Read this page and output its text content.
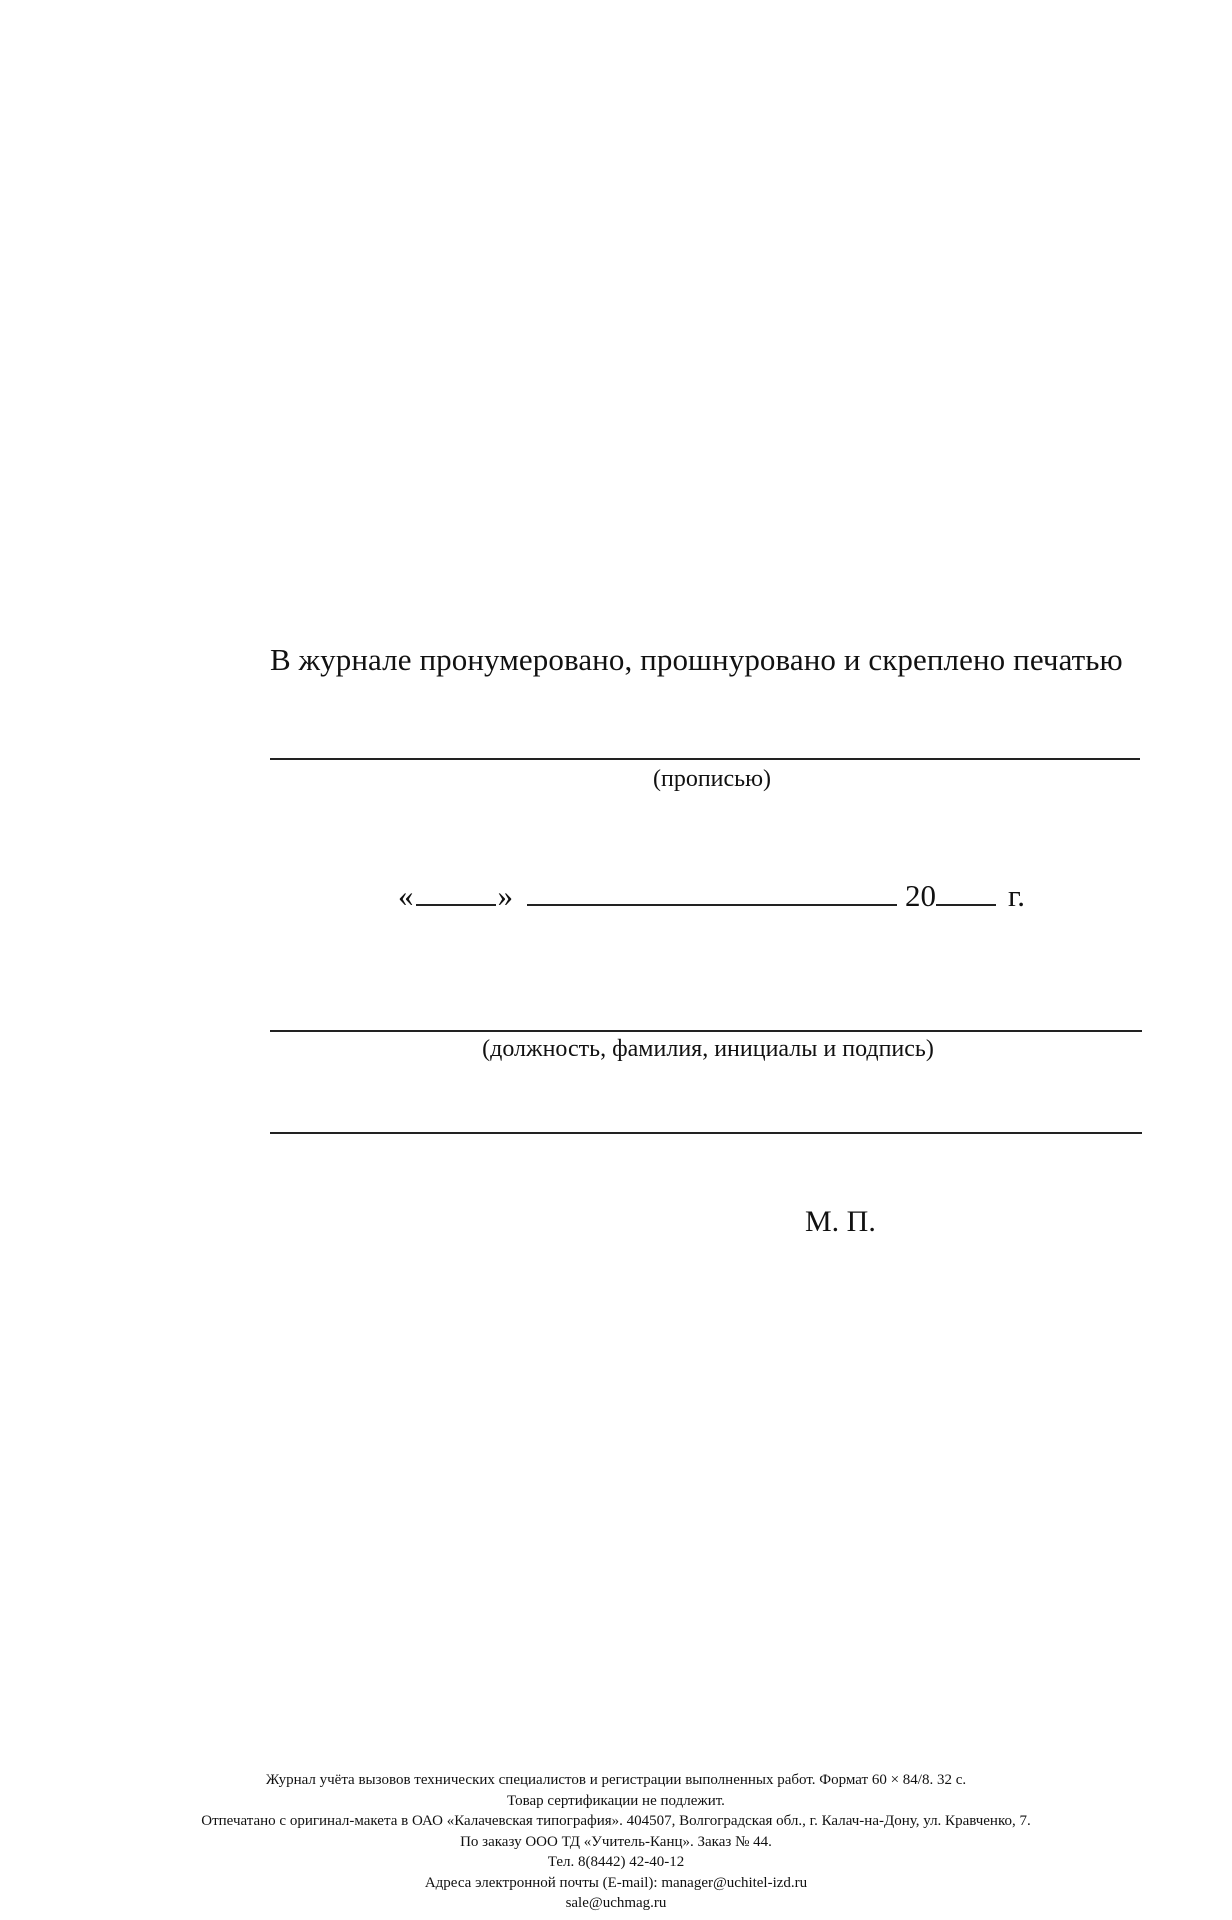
В журнале пронумеровано, прошнуровано и скреплено печатью
(прописью)
«	»	20 г.
(должность, фамилия, инициалы и подпись)
М. П.
Журнал учёта вызовов технических специалистов и регистрации выполненных работ. Формат 60 × 84/8. 32 с.
Товар сертификации не подлежит.
Отпечатано с оригинал-макета в ОАО «Калачевская типография». 404507, Волгоградская обл., г. Калач-на-Дону, ул. Кравченко, 7.
По заказу ООО ТД «Учитель-Канц». Заказ № 44.
Тел. 8(8442) 42-40-12
Адреса электронной почты (E-mail): manager@uchitel-izd.ru
sale@uchmag.ru
